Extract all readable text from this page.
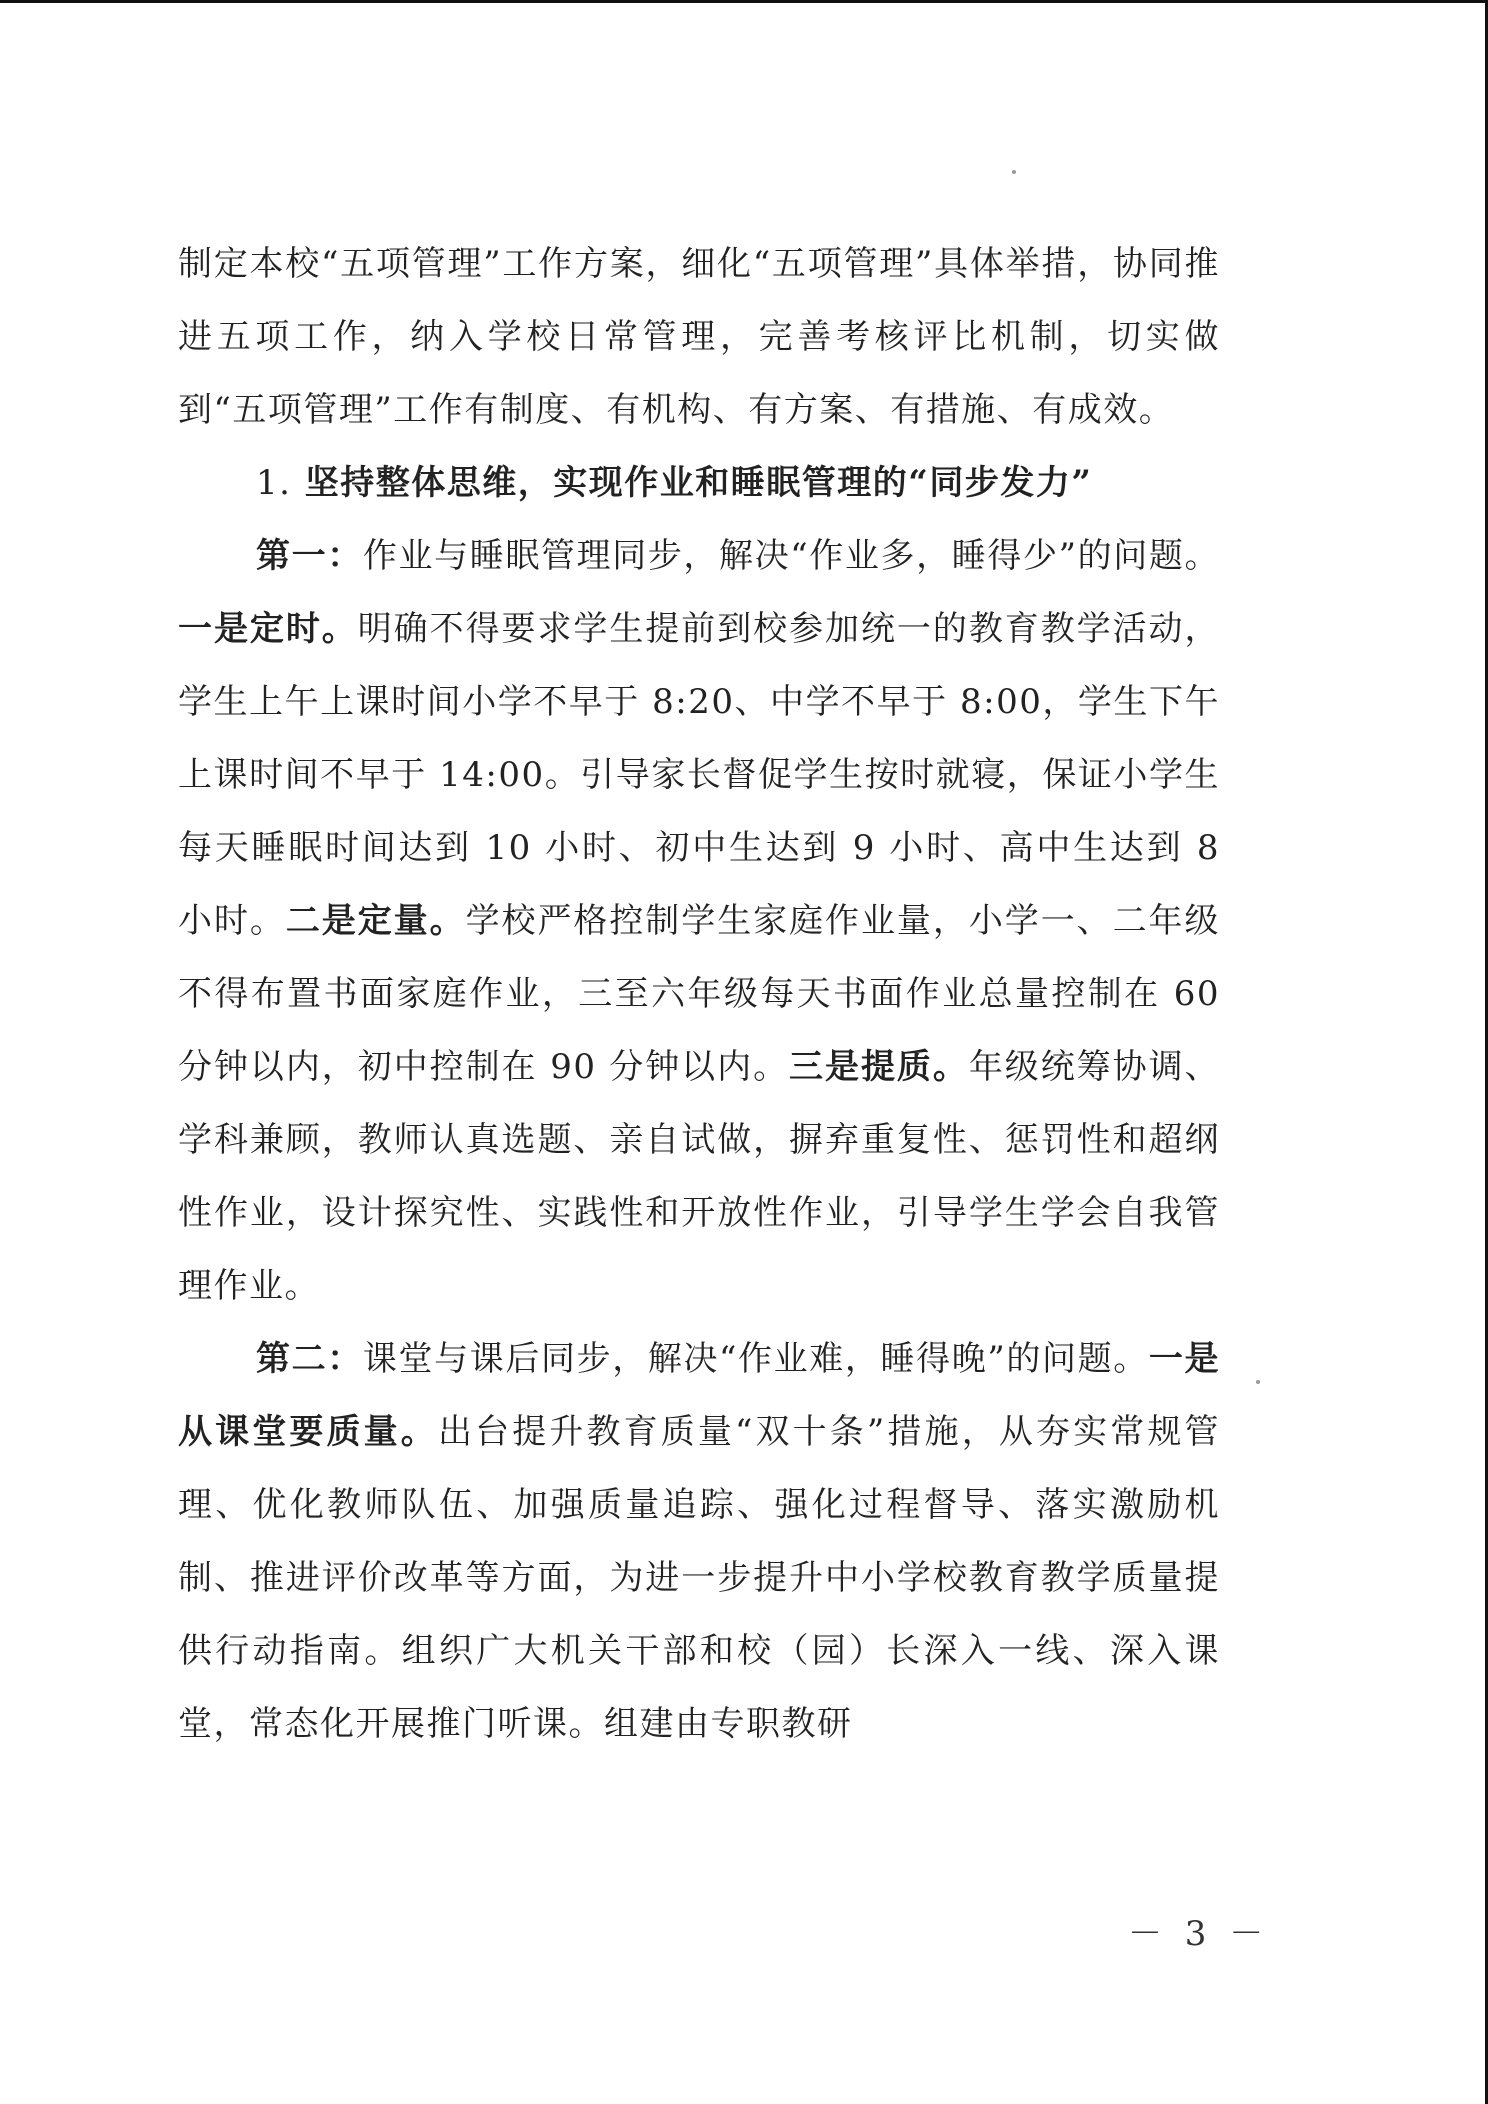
制定本校“五项管理”工作方案，细化“五项管理”具体举措，协同推进五项工作，纳入学校日常管理，完善考核评比机制，切实做到“五项管理”工作有制度、有机构、有方案、有措施、有成效。

1. 坚持整体思维，实现作业和睡眠管理的“同步发力”

第一：作业与睡眠管理同步，解决“作业多，睡得少”的问题。一是定时。明确不得要求学生提前到校参加统一的教育教学活动，学生上午上课时间小学不早于 8:20、中学不早于 8:00，学生下午上课时间不早于 14:00。引导家长督促学生按时就寝，保证小学生每天睡眠时间达到 10 小时、初中生达到 9 小时、高中生达到 8 小时。二是定量。学校严格控制学生家庭作业量，小学一、二年级不得布置书面家庭作业，三至六年级每天书面作业总量控制在 60 分钟以内，初中控制在 90 分钟以内。三是提质。年级统筹协调、学科兼顾，教师认真选题、亲自试做，摒弃重复性、惩罚性和超纲性作业，设计探究性、实践性和开放性作业，引导学生学会自我管理作业。

第二：课堂与课后同步，解决“作业难，睡得晚”的问题。一是从课堂要质量。出台提升教育质量“双十条”措施，从夯实常规管理、优化教师队伍、加强质量追踪、强化过程督导、落实激励机制、推进评价改革等方面，为进一步提升中小学校教育教学质量提供行动指南。组织广大机关干部和校（园）长深入一线、深入课堂，常态化开展推门听课。组建由专职教研

－ 3 －
